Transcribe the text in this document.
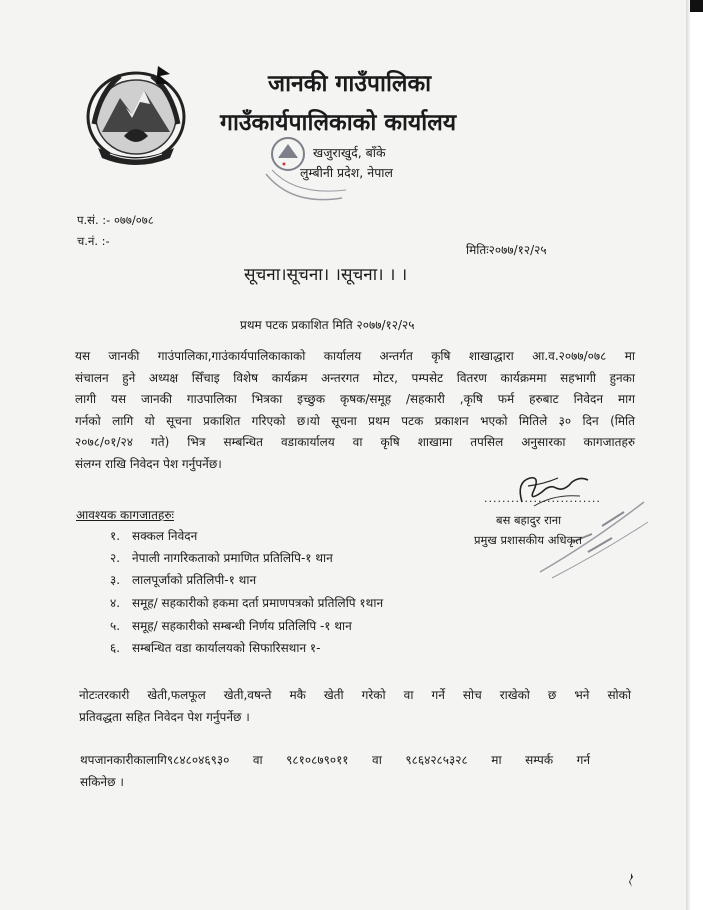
जानकी गाउँपालिका
गाउँकार्यपालिकाको कार्यालय
खजुराखुर्द, बाँके
लुम्बीनी प्रदेश, नेपाल
प.सं. :- ०७७/०७८
च.नं. :-
मितिः२०७७/१२/२५
सूचना।सूचना। ।सूचना। । ।
प्रथम पटक प्रकाशित मिति २०७७/१२/२५
यस जानकी गाउंपालिका,गाउंकार्यपालिकाकाको कार्यालय अन्तर्गत कृषि शाखाद्धारा आ.व.२०७७/०७८ मा
संचालन हुने अध्यक्ष सिँचाइ विशेष कार्यक्रम अन्तरगत मोटर, पम्पसेट वितरण कार्यक्रममा सहभागी हुनका
लागी यस जानकी गाउपालिका भित्रका इच्छुक कृषक/समूह /सहकारी ,कृषि फर्म हरुबाट निवेदन माग
गर्नको लागि यो सूचना प्रकाशित गरिएको छ।यो सूचना प्रथम पटक प्रकाशन भएको मितिले ३० दिन (मिति
२०७८/०१/२४ गते) भित्र सम्बन्धित वडाकार्यालय वा कृषि शाखामा तपसिल अनुसारका कागजातहरु
संलग्न राखि निवेदन पेश गर्नुपर्नेछ।
..........................
बस बहादुर राना
प्रमुख प्रशासकीय अधिकृत
आवश्यक कागजातहरुः
१. सक्कल निवेदन
२. नेपाली नागरिकताको प्रमाणित प्रतिलिपि-१ थान
३. लालपूर्जाको प्रतिलिपी-१ थान
४. समूह/ सहकारीको हकमा दर्ता प्रमाणपत्रको प्रतिलिपि १थान
५. समूह/ सहकारीको सम्बन्धी निर्णय प्रतिलिपि -१ थान
६. सम्बन्धित वडा कार्यालयको सिफारिसथान १-
नोटःतरकारी खेती,फलफूल खेती,वषन्ते मकै खेती गरेको वा गर्ने सोच राखेको छ भने सोको
प्रतिवद्धता सहित निवेदन पेश गर्नुपर्नेछ ।
थपजानकारीकालागि९८४८०४६९३० वा ९८१०८७९०११ वा ९८६४२८५३२८ मा सम्पर्क गर्न
सकिनेछ ।
